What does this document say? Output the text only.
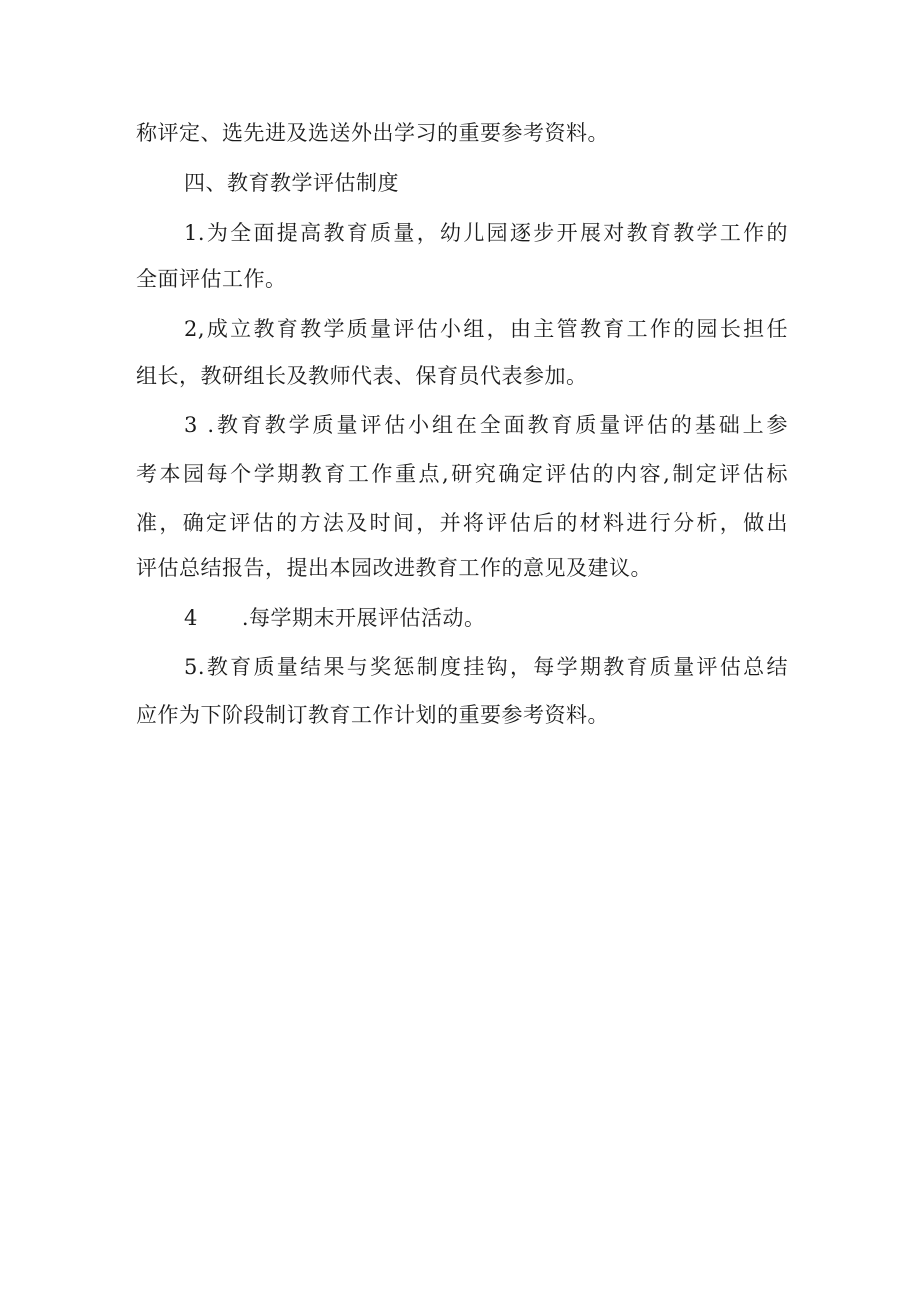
称评定、选先进及选送外出学习的重要参考资料。
四、教育教学评估制度
1.为全面提高教育质量，幼儿园逐步开展对教育教学工作的
全面评估工作。
2,成立教育教学质量评估小组，由主管教育工作的园长担任
组长，教研组长及教师代表、保育员代表参加。
3 .教育教学质量评估小组在全面教育质量评估的基础上参
考本园每个学期教育工作重点,研究确定评估的内容,制定评估标
准，确定评估的方法及时间，并将评估后的材料进行分析，做出
评估总结报告，提出本园改进教育工作的意见及建议。
4 .每学期末开展评估活动。
5.教育质量结果与奖惩制度挂钩，每学期教育质量评估总结
应作为下阶段制订教育工作计划的重要参考资料。
